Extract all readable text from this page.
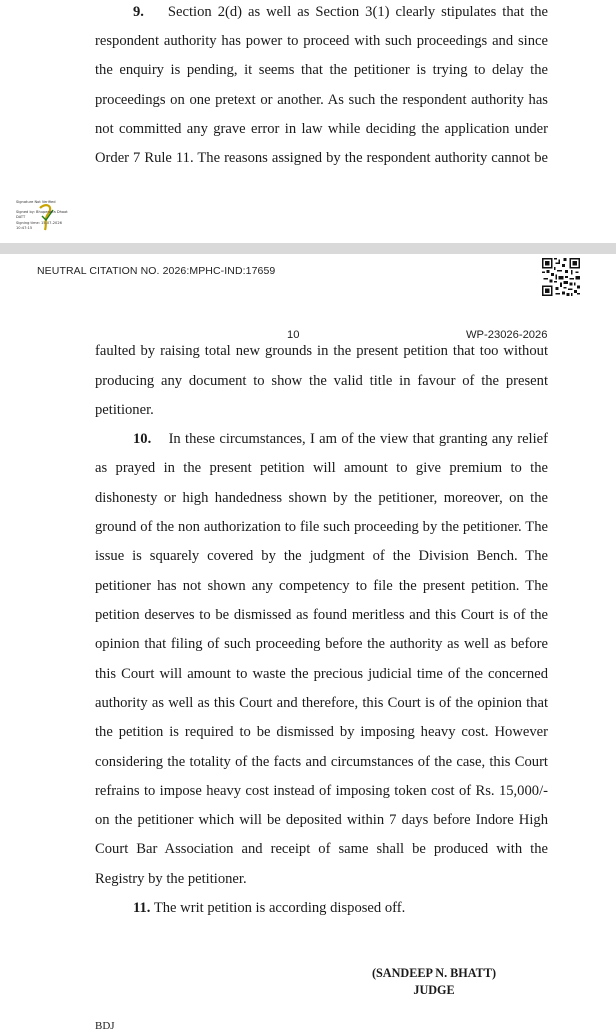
9. Section 2(d) as well as Section 3(1) clearly stipulates that the
respondent authority has power to proceed with such proceedings and since
the enquiry is pending, it seems that the petitioner is trying to delay the
proceedings on one pretext or another. As such the respondent authority has
not committed any grave error in law while deciding the application under
Order 7 Rule 11. The reasons assigned by the respondent authority cannot be
Signature Not Verified
Signed by: Bhupendra Dhoot
DATT
Signing time: 15-07-2026
10:47:15
NEUTRAL CITATION NO. 2026:MPHC-IND:17659
10	WP-23026-2026
faulted by raising total new grounds in the present petition that too without
producing any document to show the valid title in favour of the present
petitioner.
10. In these circumstances, I am of the view that granting any relief
as prayed in the present petition will amount to give premium to the
dishonesty or high handedness shown by the petitioner, moreover, on the
ground of the non authorization to file such proceeding by the petitioner. The
issue is squarely covered by the judgment of the Division Bench. The
petitioner has not shown any competency to file the present petition. The
petition deserves to be dismissed as found meritless and this Court is of the
opinion that filing of such proceeding before the authority as well as before
this Court will amount to waste the precious judicial time of the concerned
authority as well as this Court and therefore, this Court is of the opinion that
the petition is required to be dismissed by imposing heavy cost. However
considering the totality of the facts and circumstances of the case, this Court
refrains to impose heavy cost instead of imposing token cost of Rs. 15,000/-
on the petitioner which will be deposited within 7 days before Indore High
Court Bar Association and receipt of same shall be produced with the
Registry by the petitioner.
11. The writ petition is according disposed off.
(SANDEEP N. BHATT)
JUDGE
BDJ
